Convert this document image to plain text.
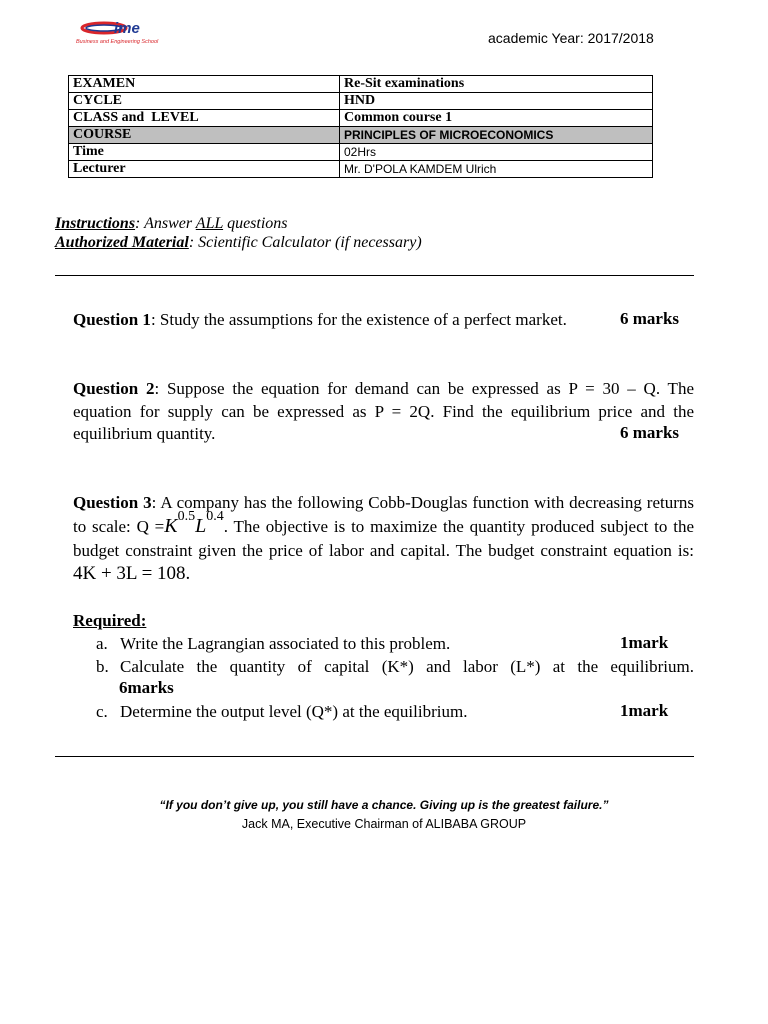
ime
Business and Engineering School	academic Year: 2017/2018
EXAMEN	Re-Sit examinations
CYCLE	HND
CLASS and  LEVEL	Common course 1
COURSE	PRINCIPLES OF MICROECONOMICS
Time	02Hrs
Lecturer	Mr. D'POLA KAMDEM Ulrich
Instructions: Answer ALL questions
Authorized Material: Scientific Calculator (if necessary)
Question 1: Study the assumptions for the existence of a perfect market.	6 marks
Question 2: Suppose the equation for demand can be expressed as P = 30 – Q. The equation for supply can be expressed as P = 2Q. Find the equilibrium price and the equilibrium quantity.	6 marks
Question 3: A company has the following Cobb-Douglas function with decreasing returns to scale: $Q =K^{0.5}L^{0.4}$. The objective is to maximize the quantity produced subject to the budget constraint given the price of labor and capital. The budget constraint equation is: 4K + 3L = 108.
Required:
a. Write the Lagrangian associated to this problem.	1mark
b. Calculate the quantity of capital (K*) and labor (L*) at the equilibrium.
6marks
c. Determine the output level (Q*) at the equilibrium.	1mark
“If you don’t give up, you still have a chance. Giving up is the greatest failure.”
Jack MA, Executive Chairman of ALIBABA GROUP
